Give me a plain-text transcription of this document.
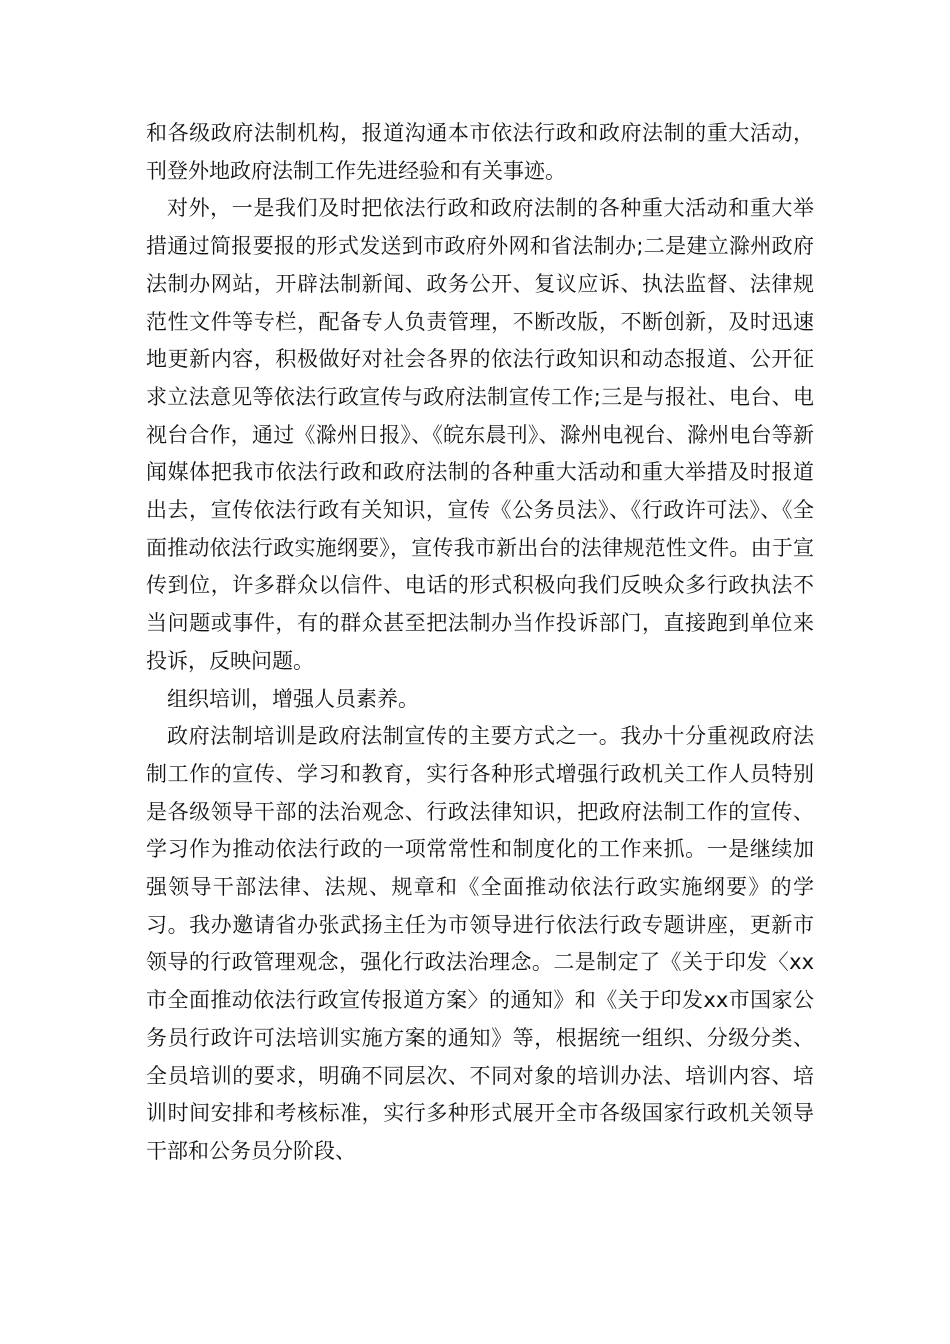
和各级政府法制机构，报道沟通本市依法行政和政府法制的重大活动，刊登外地政府法制工作先进经验和有关事迹。

对外，一是我们及时把依法行政和政府法制的各种重大活动和重大举措通过简报要报的形式发送到市政府外网和省法制办;二是建立滁州政府法制办网站，开辟法制新闻、政务公开、复议应诉、执法监督、法律规范性文件等专栏，配备专人负责管理，不断改版，不断创新，及时迅速地更新内容，积极做好对社会各界的依法行政知识和动态报道、公开征求立法意见等依法行政宣传与政府法制宣传工作;三是与报社、电台、电视台合作，通过《滁州日报》、《皖东晨刊》、滁州电视台、滁州电台等新闻媒体把我市依法行政和政府法制的各种重大活动和重大举措及时报道出去，宣传依法行政有关知识，宣传《公务员法》、《行政许可法》、《全面推动依法行政实施纲要》，宣传我市新出台的法律规范性文件。由于宣传到位，许多群众以信件、电话的形式积极向我们反映众多行政执法不当问题或事件，有的群众甚至把法制办当作投诉部门，直接跑到单位来投诉，反映问题。

组织培训，增强人员素养。

政府法制培训是政府法制宣传的主要方式之一。我办十分重视政府法制工作的宣传、学习和教育，实行各种形式增强行政机关工作人员特别是各级领导干部的法治观念、行政法律知识，把政府法制工作的宣传、学习作为推动依法行政的一项常常性和制度化的工作来抓。一是继续加强领导干部法律、法规、规章和《全面推动依法行政实施纲要》的学习。我办邀请省办张武扬主任为市领导进行依法行政专题讲座，更新市领导的行政管理观念，强化行政法治理念。二是制定了《关于印发〈xx市全面推动依法行政宣传报道方案〉的通知》和《关于印发xx市国家公务员行政许可法培训实施方案的通知》等，根据统一组织、分级分类、全员培训的要求，明确不同层次、不同对象的培训办法、培训内容、培训时间安排和考核标准，实行多种形式展开全市各级国家行政机关领导干部和公务员分阶段、
